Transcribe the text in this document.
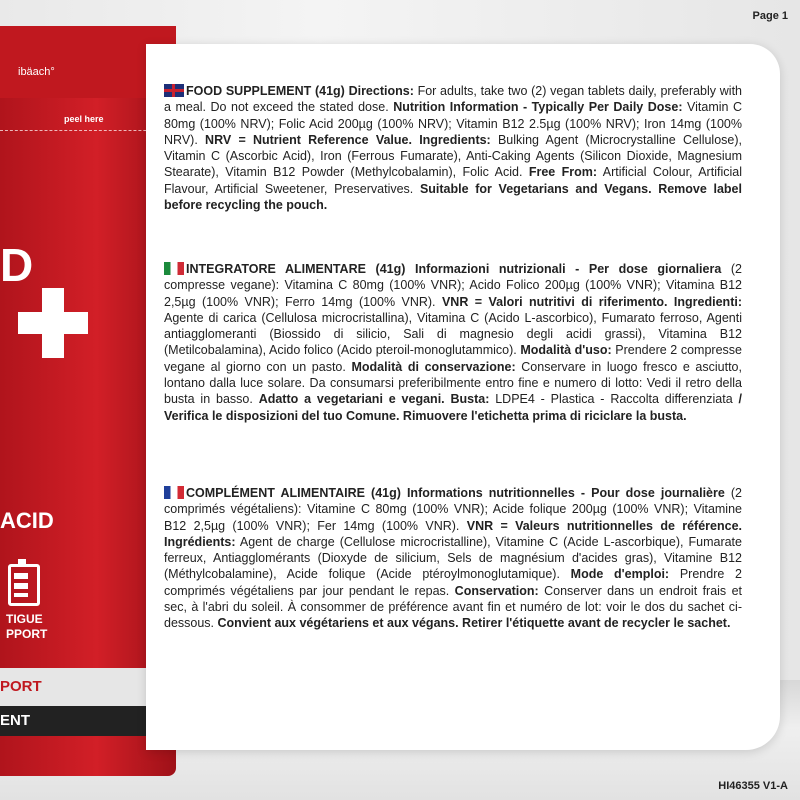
Page 1
ibäach°
peel here
D
ACID
TIGUE
PPORT
PORT
ENT
FOOD SUPPLEMENT (41g) Directions: For adults, take two (2) vegan tablets daily, preferably with a meal. Do not exceed the stated dose. Nutrition Information - Typically Per Daily Dose: Vitamin C 80mg (100% NRV); Folic Acid 200µg (100% NRV); Vitamin B12 2.5µg (100% NRV); Iron 14mg (100% NRV). NRV = Nutrient Reference Value. Ingredients: Bulking Agent (Microcrystalline Cellulose), Vitamin C (Ascorbic Acid), Iron (Ferrous Fumarate), Anti-Caking Agents (Silicon Dioxide, Magnesium Stearate), Vitamin B12 Powder (Methylcobalamin), Folic Acid. Free From: Artificial Colour, Artificial Flavour, Artificial Sweetener, Preservatives. Suitable for Vegetarians and Vegans. Remove label before recycling the pouch.
INTEGRATORE ALIMENTARE (41g) Informazioni nutrizionali - Per dose giornaliera (2 compresse vegane): Vitamina C 80mg (100% VNR); Acido Folico 200µg (100% VNR); Vitamina B12 2,5µg (100% VNR); Ferro 14mg (100% VNR). VNR = Valori nutritivi di riferimento. Ingredienti: Agente di carica (Cellulosa microcristallina), Vitamina C (Acido L-ascorbico), Fumarato ferroso, Agenti antiagglomeranti (Biossido di silicio, Sali di magnesio degli acidi grassi), Vitamina B12 (Metilcobalamina), Acido folico (Acido pteroil-monoglutammico). Modalità d'uso: Prendere 2 compresse vegane al giorno con un pasto. Modalità di conservazione: Conservare in luogo fresco e asciutto, lontano dalla luce solare. Da consumarsi preferibilmente entro fine e numero di lotto: Vedi il retro della busta in basso. Adatto a vegetariani e vegani. Busta: LDPE4 - Plastica - Raccolta differenziata / Verifica le disposizioni del tuo Comune. Rimuovere l'etichetta prima di riciclare la busta.
COMPLÉMENT ALIMENTAIRE (41g) Informations nutritionnelles - Pour dose journalière (2 comprimés végétaliens): Vitamine C 80mg (100% VNR); Acide folique 200µg (100% VNR); Vitamine B12 2,5µg (100% VNR); Fer 14mg (100% VNR). VNR = Valeurs nutritionnelles de référence. Ingrédients: Agent de charge (Cellulose microcristalline), Vitamine C (Acide L-ascorbique), Fumarate ferreux, Antiagglomérants (Dioxyde de silicium, Sels de magnésium d'acides gras), Vitamine B12 (Méthylcobalamine), Acide folique (Acide ptéroylmonoglutamique). Mode d'emploi: Prendre 2 comprimés végétaliens par jour pendant le repas. Conservation: Conserver dans un endroit frais et sec, à l'abri du soleil. À consommer de préférence avant fin et numéro de lot: voir le dos du sachet ci-dessous. Convient aux végétariens et aux végans. Retirer l'étiquette avant de recycler le sachet.
HI46355 V1-A
